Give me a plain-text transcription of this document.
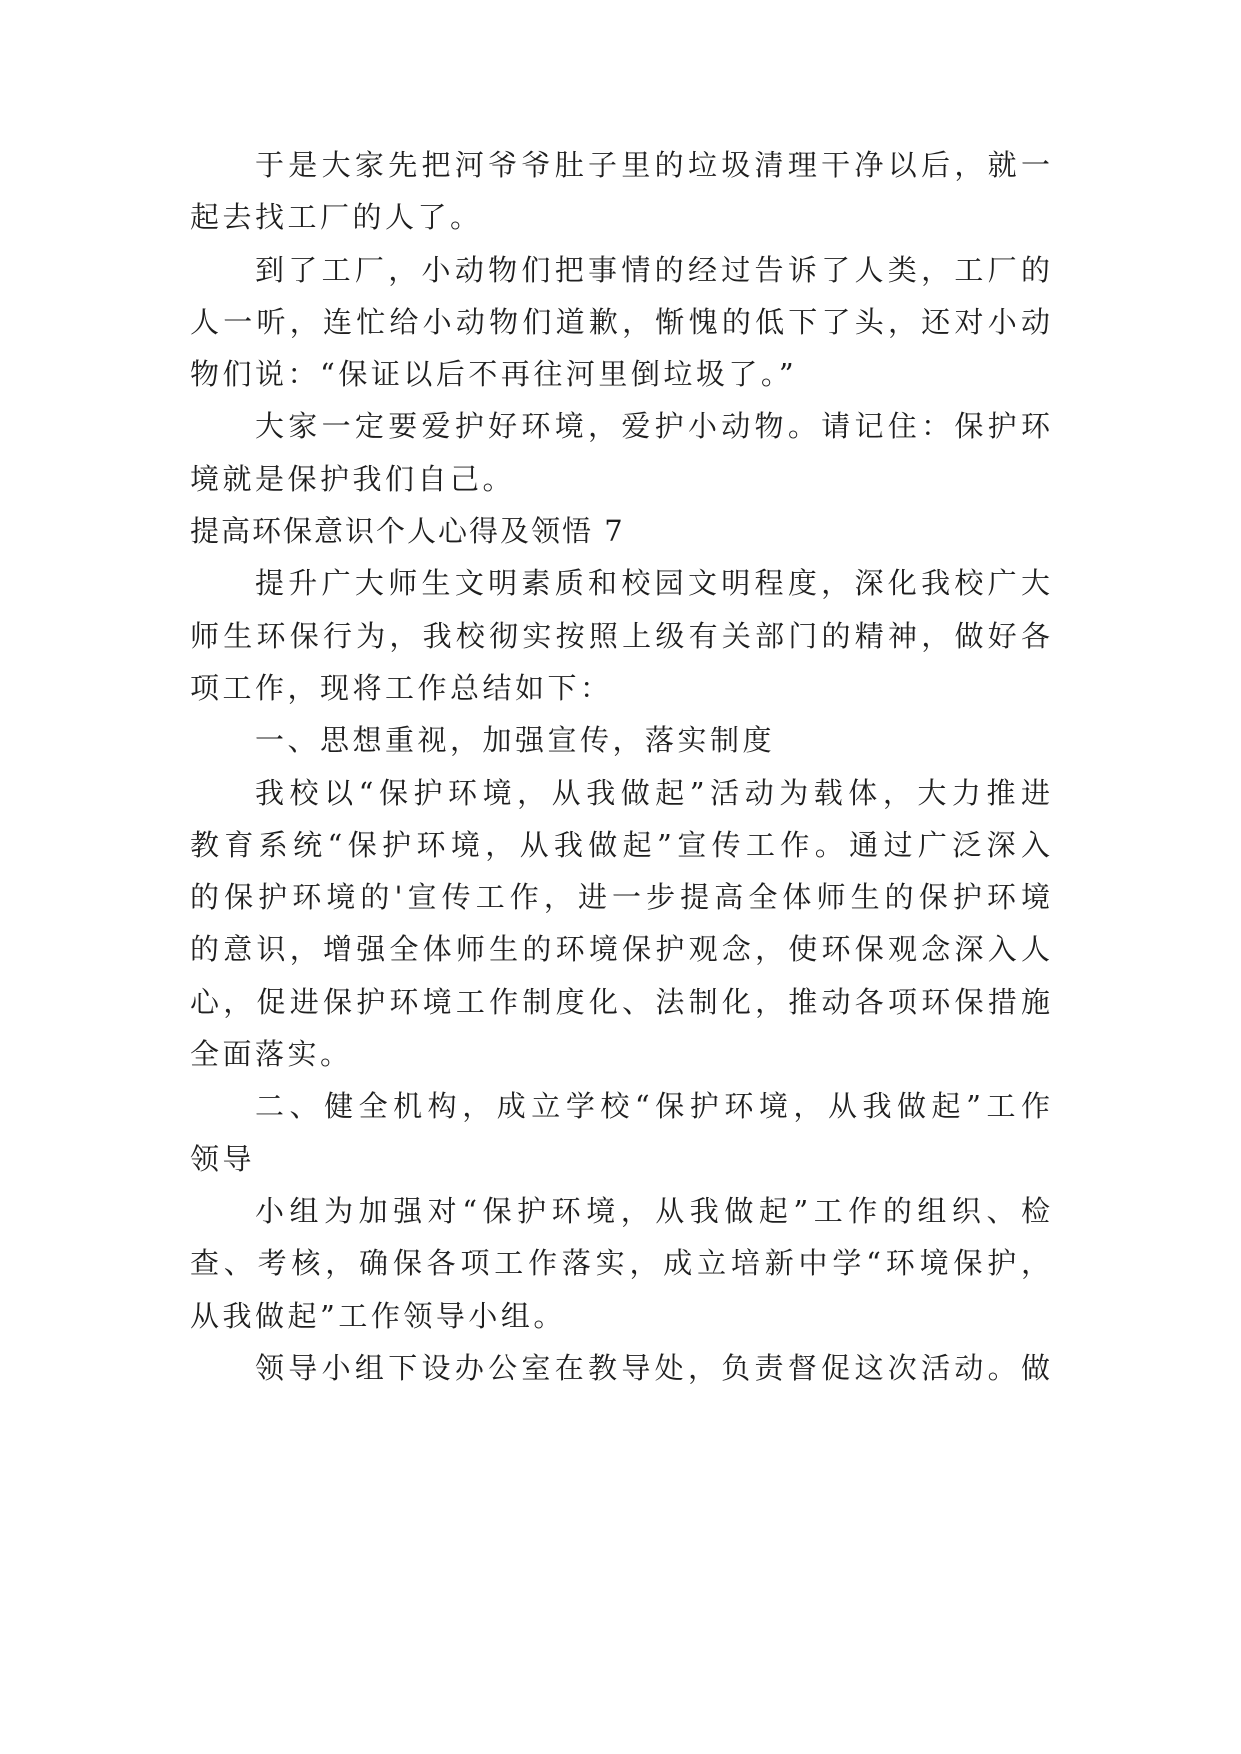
于是大家先把河爷爷肚子里的垃圾清理干净以后，就一
起去找工厂的人了。
到了工厂，小动物们把事情的经过告诉了人类，工厂的
人一听，连忙给小动物们道歉，惭愧的低下了头，还对小动
物们说：“保证以后不再往河里倒垃圾了。”
大家一定要爱护好环境，爱护小动物。请记住：保护环
境就是保护我们自己。
提高环保意识个人心得及领悟 7
提升广大师生文明素质和校园文明程度，深化我校广大
师生环保行为，我校彻实按照上级有关部门的精神，做好各
项工作，现将工作总结如下：
一、思想重视，加强宣传，落实制度
我校以“保护环境，从我做起”活动为载体，大力推进
教育系统“保护环境，从我做起”宣传工作。通过广泛深入
的保护环境的'宣传工作，进一步提高全体师生的保护环境
的意识，增强全体师生的环境保护观念，使环保观念深入人
心，促进保护环境工作制度化、法制化，推动各项环保措施
全面落实。
二、健全机构，成立学校“保护环境，从我做起”工作
领导
小组为加强对“保护环境，从我做起”工作的组织、检
查、考核，确保各项工作落实，成立培新中学“环境保护，
从我做起”工作领导小组。
领导小组下设办公室在教导处，负责督促这次活动。做
